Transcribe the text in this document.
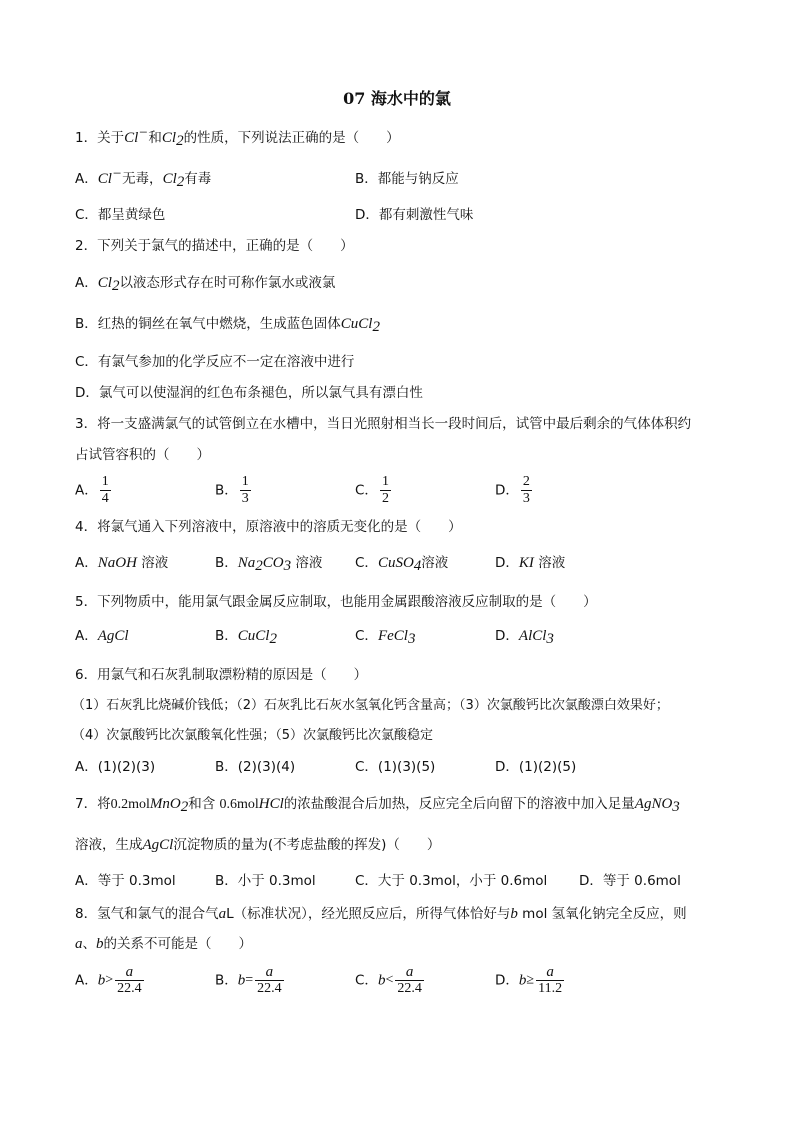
07 海水中的氯
1．关于Cl−和$Cl_2$的性质，下列说法正确的是（　　）
A．Cl−无毒，$Cl_2$有毒	B．都能与钠反应
C．都呈黄绿色	D．都有刺激性气味
2．下列关于氯气的描述中，正确的是（　　）
A．$Cl_2$以液态形式存在时可称作氯水或液氯
B．红热的铜丝在氧气中燃烧，生成蓝色固体CuCl$_2$
C．有氯气参加的化学反应不一定在溶液中进行
D．氯气可以使湿润的红色布条褪色，所以氯气具有漂白性
3．将一支盛满氯气的试管倒立在水槽中，当日光照射相当长一段时间后，试管中最后剩余的气体体积约
占试管容积的（　　）
A． $\frac{1}{4}$	B． $\frac{1}{3}$	C． $\frac{1}{2}$	D． $\frac{2}{3}$
4．将氯气通入下列溶液中，原溶液中的溶质无变化的是（　　）
A．NaOH 溶液	B．$Na_2CO_3$ 溶液 C．CuSO$_4$溶液	D．KI 溶液
5．下列物质中，能用氯气跟金属反应制取，也能用金属跟酸溶液反应制取的是（　　）
A．AgCl	B．CuCl$_2$	C．FeCl$_3$	D．AlCl$_3$
6．用氯气和石灰乳制取漂粉精的原因是（　　）
（1）石灰乳比烧碱价钱低；（2）石灰乳比石灰水氢氧化钙含量高；（3）次氯酸钙比次氯酸漂白效果好；
（4）次氯酸钙比次氯酸氧化性强；（5）次氯酸钙比次氯酸稳定
A．(1)(2)(3)	B．(2)(3)(4)	C．(1)(3)(5)	D．(1)(2)(5)
7．将0.2molMnO$_2$和含 0.6molHCl的浓盐酸混合后加热，反应完全后向留下的溶液中加入足量AgNO$_3$
溶液，生成AgCl沉淀物质的量为(不考虑盐酸的挥发)（　　）
A．等于 0.3mol	B．小于 0.3mol	C．大于 0.3mol，小于 0.6mol D．等于 0.6mol
8．氢气和氯气的混合气aL（标准状况），经光照反应后，所得气体恰好与b mol 氢氧化钠完全反应，则
a、b的关系不可能是（　　）
A．$b> \frac{a}{22.4}$	B．$b= \frac{a}{22.4}$	C．$b< \frac{a}{22.4}$	D．$b\ge \frac{a}{11.2}$
